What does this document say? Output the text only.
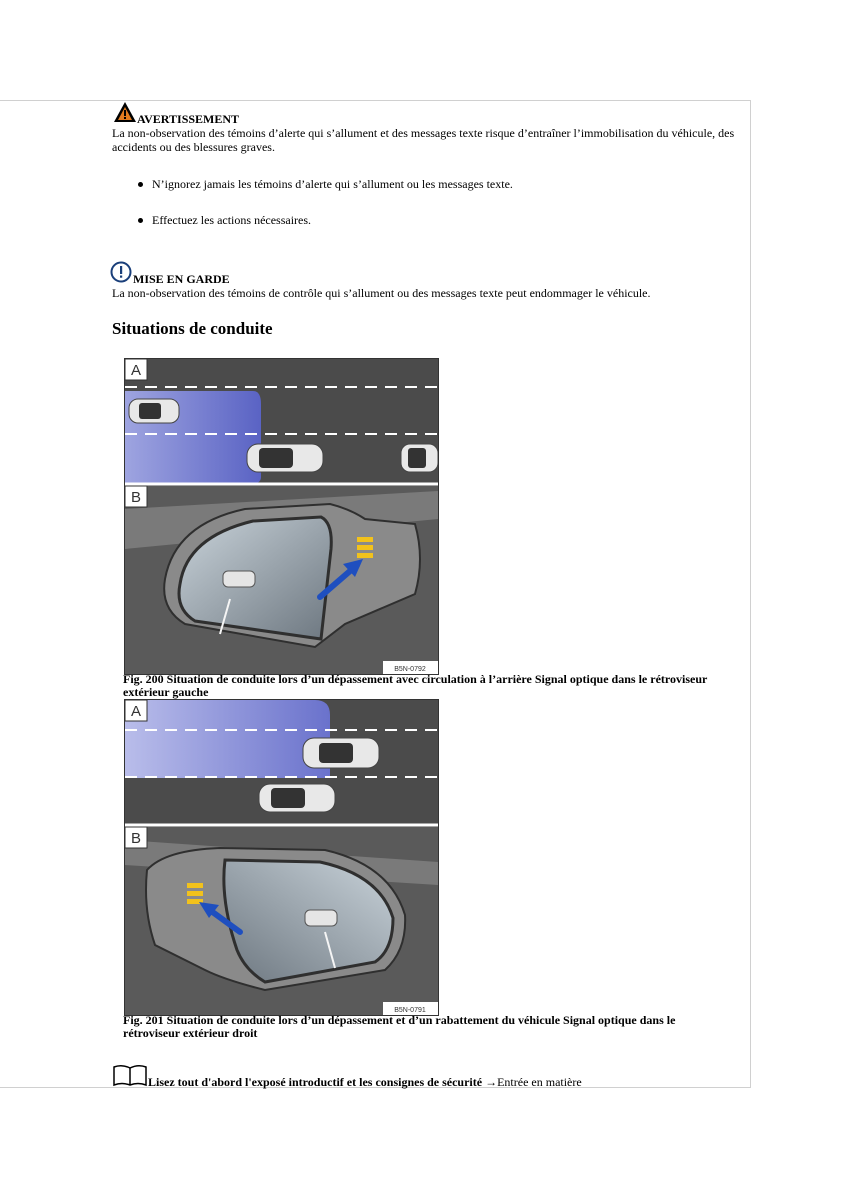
AVERTISSEMENT
La non-observation des témoins d’alerte qui s’allument et des messages texte risque d’entraîner l’immobilisation du véhicule, des accidents ou des blessures graves.
N’ignorez jamais les témoins d’alerte qui s’allument ou les messages texte.
Effectuez les actions nécessaires.
MISE EN GARDE
La non-observation des témoins de contrôle qui s’allument ou des messages texte peut endommager le véhicule.
Situations de conduite
A
B
B5N-0792
Fig. 200 Situation de conduite lors d’un dépassement avec circulation à l’arrière Signal optique dans le rétroviseur extérieur gauche
A
B
B5N-0791
Fig. 201 Situation de conduite lors d’un dépassement et d’un rabattement du véhicule Signal optique dans le rétroviseur extérieur droit
Lisez tout d'abord l'exposé introductif et les consignes de sécurité →Entrée en matière
